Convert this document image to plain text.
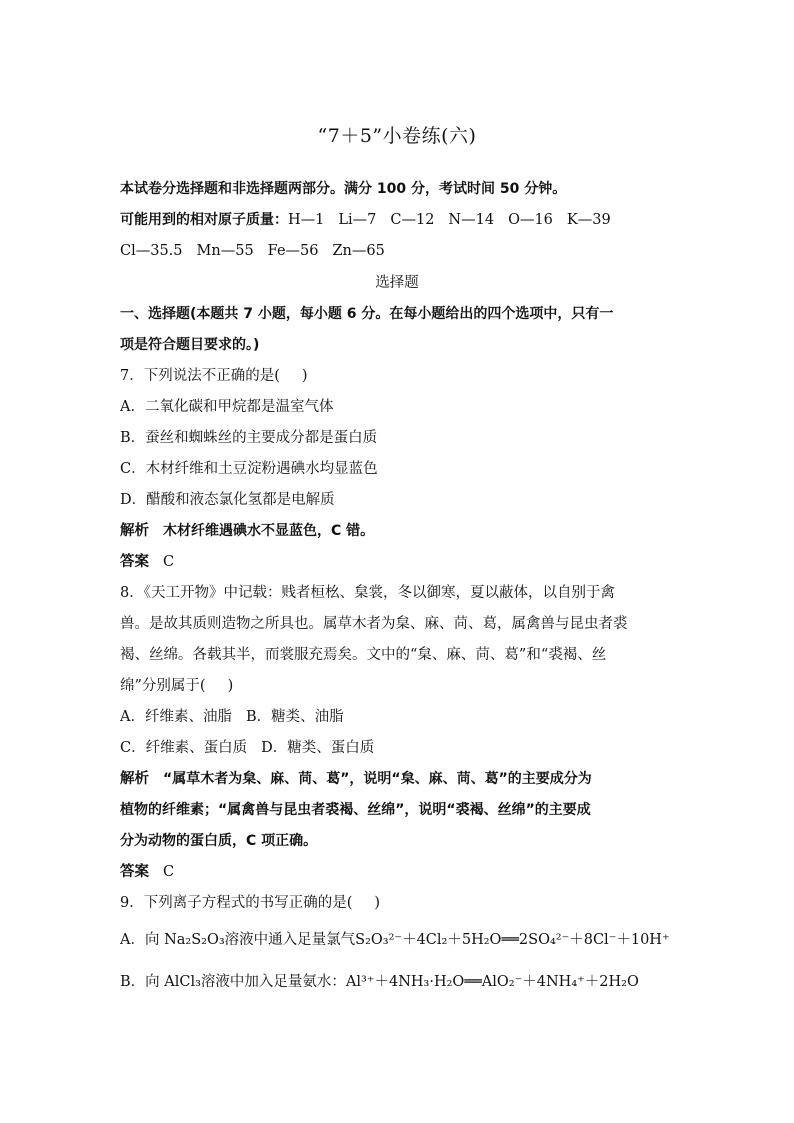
“7＋5”小卷练(六)
本试卷分选择题和非选择题两部分。满分 100 分，考试时间 50 分钟。
可能用到的相对原子质量：H—1 Li—7 C—12 N—14 O—16 K—39
Cl—35.5 Mn—55 Fe—56 Zn—65
选择题
一、选择题(本题共 7 小题，每小题 6 分。在每小题给出的四个选项中，只有一
项是符合题目要求的。)
7．下列说法不正确的是( )
A．二氧化碳和甲烷都是温室气体
B．蚕丝和蜘蛛丝的主要成分都是蛋白质
C．木材纤维和土豆淀粉遇碘水均显蓝色
D．醋酸和液态氯化氢都是电解质
解析 木材纤维遇碘水不显蓝色，C 错。
答案 C
8．《天工开物》中记载：贱者桓㭃、枲裳，冬以御寒，夏以蔽体，以自别于禽
兽。是故其质则造物之所具也。属草木者为枲、麻、苘、葛，属禽兽与昆虫者裘
褐、丝绵。各载其半，而裳服充焉矣。文中的“枲、麻、苘、葛”和“裘褐、丝
绵”分别属于( )
A．纤维素、油脂 B．糖类、油脂
C．纤维素、蛋白质 D．糖类、蛋白质
解析 “属草木者为枲、麻、苘、葛”，说明“枲、麻、苘、葛”的主要成分为
植物的纤维素；“属禽兽与昆虫者裘褐、丝绵”，说明“裘褐、丝绵”的主要成
分为动物的蛋白质，C 项正确。
答案 C
9．下列离子方程式的书写正确的是( )
A．向 Na₂S₂O₃溶液中通入足量氯气S₂O₃²⁻＋4Cl₂＋5H₂O══2SO₄²⁻＋8Cl⁻＋10H⁺
B．向 AlCl₃溶液中加入足量氨水：Al³⁺＋4NH₃·H₂O══AlO₂⁻＋4NH₄⁺＋2H₂O
